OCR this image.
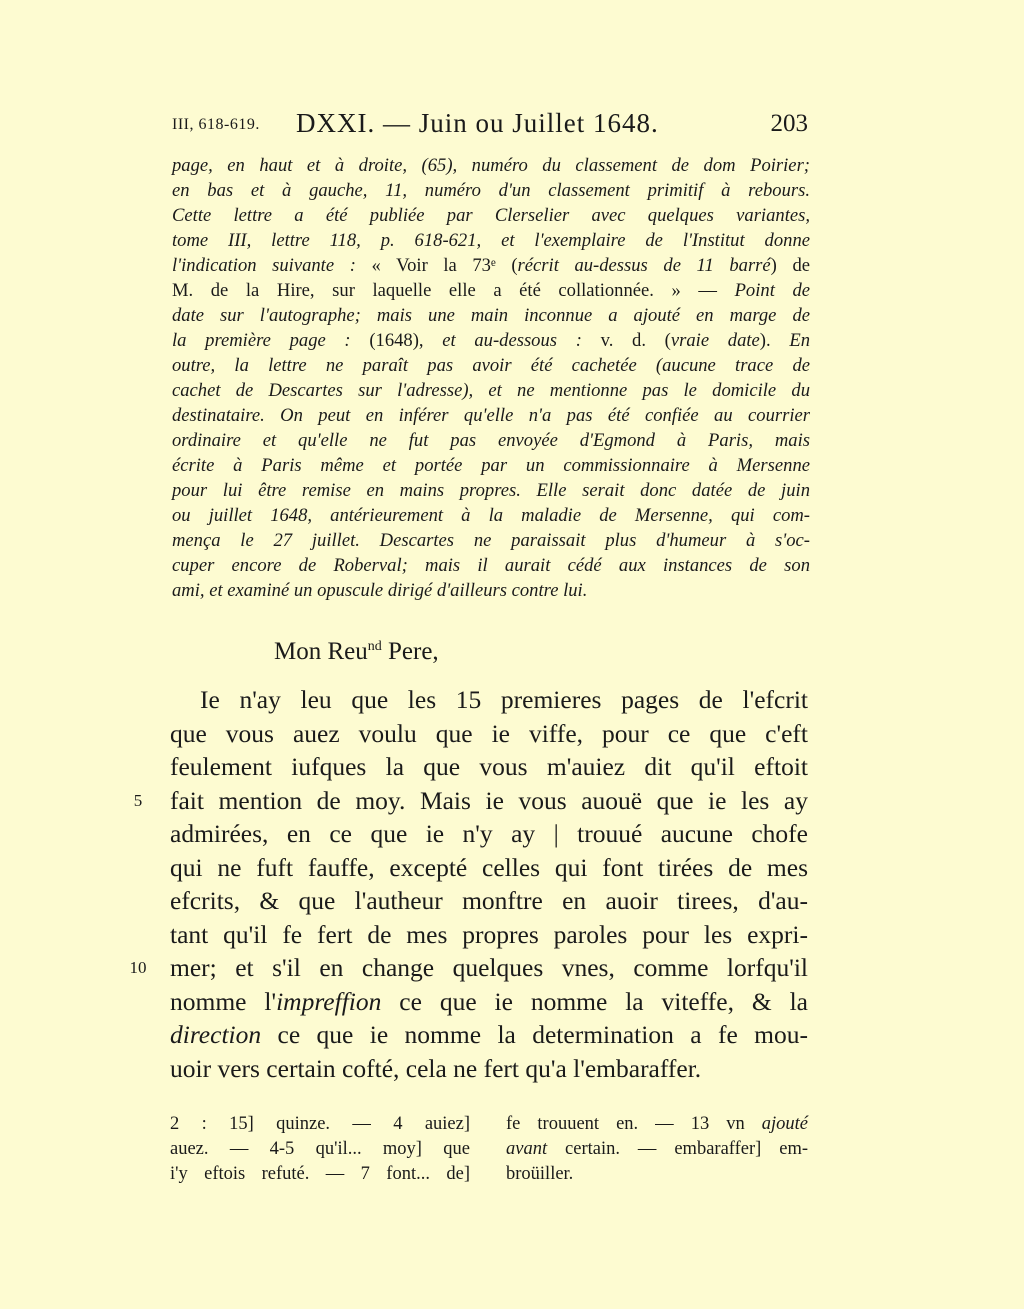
III, 618-619. DXXI. — Juin ou Juillet 1648.	203
page, en haut et à droite, (65), numéro du classement de dom Poirier;
en bas et à gauche, 11, numéro d'un classement primitif à rebours.
Cette lettre a été publiée par Clerselier avec quelques variantes,
tome III, lettre 118, p. 618-621, et l'exemplaire de l'Institut donne
l'indication suivante : « Voir la 73ᵉ (récrit au-dessus de 11 barré) de
M. de la Hire, sur laquelle elle a été collationnée. » — Point de
date sur l'autographe; mais une main inconnue a ajouté en marge de
la première page : (1648), et au-dessous : v. d. (vraie date). En
outre, la lettre ne paraît pas avoir été cachetée (aucune trace de
cachet de Descartes sur l'adresse), et ne mentionne pas le domicile du
destinataire. On peut en inférer qu'elle n'a pas été confiée au courrier
ordinaire et qu'elle ne fut pas envoyée d'Egmond à Paris, mais
écrite à Paris même et portée par un commissionnaire à Mersenne
pour lui être remise en mains propres. Elle serait donc datée de juin
ou juillet 1648, antérieurement à la maladie de Mersenne, qui com-
mença le 27 juillet. Descartes ne paraissait plus d'humeur à s'oc-
cuper encore de Roberval; mais il aurait cédé aux instances de son
ami, et examiné un opuscule dirigé d'ailleurs contre lui.
Mon Reu$^{nd}$ Pere,
Ie n'ay leu que les 15 premieres pages de l'efcrit
que vous auez voulu que ie viffe, pour ce que c'eft
feulement iufques la que vous m'auiez dit qu'il eftoit
fait mention de moy. Mais ie vous auouë que ie les ay
admirées, en ce que ie n'y ay | trouué aucune chofe
qui ne fuft fauffe, excepté celles qui font tirées de mes
efcrits, & que l'autheur monftre en auoir tirees, d'au-
tant qu'il fe fert de mes propres paroles pour les expri-
mer; et s'il en change quelques vnes, comme lorfqu'il
nomme l'impreffion ce que ie nomme la viteffe, & la
direction ce que ie nomme la determination a fe mou-
uoir vers certain cofté, cela ne fert qu'a l'embaraffer.
5
10
2 : 15] quinze. — 4 auiez]
auez. — 4-5 qu'il... moy] que
i'y eftois refuté. — 7 font... de]
fe trouuent en. — 13 vn ajouté
avant certain. — embaraffer] em-
broüiller.
